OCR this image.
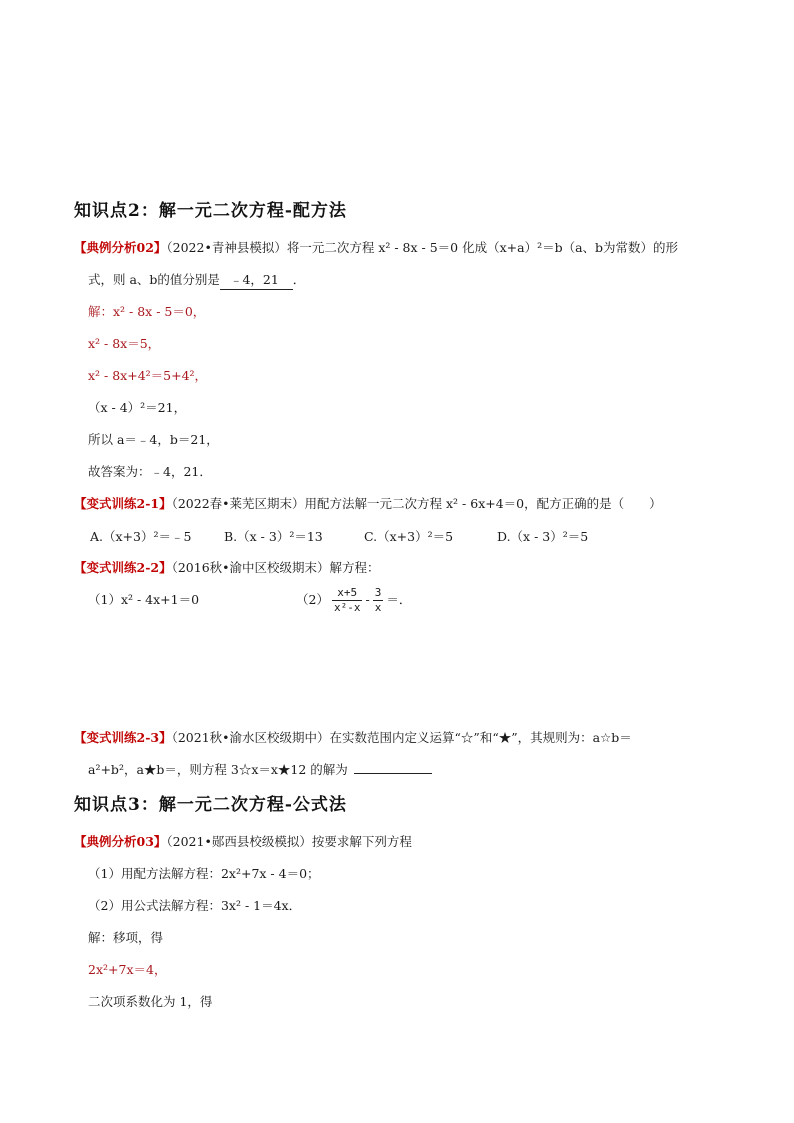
知识点2：解一元二次方程-配方法
【典例分析02】（2022•青神县模拟）将一元二次方程 x² - 8x - 5＝0 化成（x+a）²＝b（a、b为常数）的形
式，则 a、b的值分别是 ﹣4，21 ．
解：x² - 8x - 5＝0，
x² - 8x＝5，
x² - 8x+4²＝5+4²，
（x - 4）²＝21，
所以 a＝﹣4，b＝21，
故答案为：﹣4，21．
【变式训练2-1】（2022春•莱芜区期末）用配方法解一元二次方程 x² - 6x+4＝0，配方正确的是（　　）
A.（x+3）²＝﹣5	B.（x - 3）²＝13	C.（x+3）²＝5	D.（x - 3）²＝5
【变式训练2-2】（2016秋•渝中区校级期末）解方程：
（1）x² - 4x+1＝0	$(2) \frac{x+5}{\text{x²-x}} - \frac{3}{x}$ ＝．
【变式训练2-3】（2021秋•渝水区校级期中）在实数范围内定义运算“☆”和“★”，其规则为：a☆b＝
a²+b²，a★b＝，则方程 3☆x＝x★12 的解为
知识点3：解一元二次方程-公式法
【典例分析03】（2021•郧西县校级模拟）按要求解下列方程
（1）用配方法解方程：2x²+7x - 4＝0；
（2）用公式法解方程：3x² - 1＝4x．
解：移项，得
2x²+7x＝4，
二次项系数化为 1，得
